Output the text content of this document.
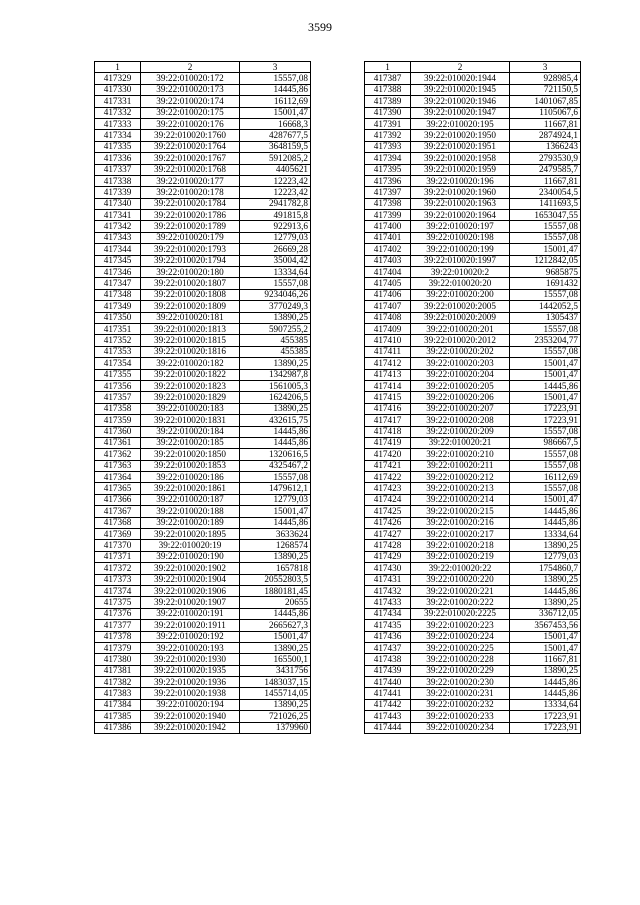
3599
1	2	3
417329	39:22:010020:172	15557,08
417330	39:22:010020:173	14445,86
417331	39:22:010020:174	16112,69
417332	39:22:010020:175	15001,47
417333	39:22:010020:176	16668,3
417334	39:22:010020:1760	4287677,5
417335	39:22:010020:1764	3648159,5
417336	39:22:010020:1767	5912085,2
417337	39:22:010020:1768	4405621
417338	39:22:010020:177	12223,42
417339	39:22:010020:178	12223,42
417340	39:22:010020:1784	2941782,8
417341	39:22:010020:1786	491815,8
417342	39:22:010020:1789	922913,6
417343	39:22:010020:179	12779,03
417344	39:22:010020:1793	26669,28
417345	39:22:010020:1794	35004,42
417346	39:22:010020:180	13334,64
417347	39:22:010020:1807	15557,08
417348	39:22:010020:1808	9234046,26
417349	39:22:010020:1809	3770249,3
417350	39:22:010020:181	13890,25
417351	39:22:010020:1813	5907255,2
417352	39:22:010020:1815	455385
417353	39:22:010020:1816	455385
417354	39:22:010020:182	13890,25
417355	39:22:010020:1822	1342987,8
417356	39:22:010020:1823	1561005,3
417357	39:22:010020:1829	1624206,5
417358	39:22:010020:183	13890,25
417359	39:22:010020:1831	432615,75
417360	39:22:010020:184	14445,86
417361	39:22:010020:185	14445,86
417362	39:22:010020:1850	1320616,5
417363	39:22:010020:1853	4325467,2
417364	39:22:010020:186	15557,08
417365	39:22:010020:1861	1479612,1
417366	39:22:010020:187	12779,03
417367	39:22:010020:188	15001,47
417368	39:22:010020:189	14445,86
417369	39:22:010020:1895	3633624
417370	39:22:010020:19	1268574
417371	39:22:010020:190	13890,25
417372	39:22:010020:1902	1657818
417373	39:22:010020:1904	20552803,5
417374	39:22:010020:1906	1880181,45
417375	39:22:010020:1907	20655
417376	39:22:010020:191	14445,86
417377	39:22:010020:1911	2665627,3
417378	39:22:010020:192	15001,47
417379	39:22:010020:193	13890,25
417380	39:22:010020:1930	165500,1
417381	39:22:010020:1935	3431756
417382	39:22:010020:1936	1483037,15
417383	39:22:010020:1938	1455714,05
417384	39:22:010020:194	13890,25
417385	39:22:010020:1940	721026,25
417386	39:22:010020:1942	1379960
1	2	3
417387	39:22:010020:1944	928985,4
417388	39:22:010020:1945	721150,5
417389	39:22:010020:1946	1401067,85
417390	39:22:010020:1947	1105067,6
417391	39:22:010020:195	11667,81
417392	39:22:010020:1950	2874924,1
417393	39:22:010020:1951	1366243
417394	39:22:010020:1958	2793530,9
417395	39:22:010020:1959	2479585,7
417396	39:22:010020:196	11667,81
417397	39:22:010020:1960	2340054,5
417398	39:22:010020:1963	1411693,5
417399	39:22:010020:1964	1653047,55
417400	39:22:010020:197	15557,08
417401	39:22:010020:198	15557,08
417402	39:22:010020:199	15001,47
417403	39:22:010020:1997	1212842,05
417404	39:22:010020:2	9685875
417405	39:22:010020:20	1691432
417406	39:22:010020:200	15557,08
417407	39:22:010020:2005	1442052,5
417408	39:22:010020:2009	1305437
417409	39:22:010020:201	15557,08
417410	39:22:010020:2012	2353204,77
417411	39:22:010020:202	15557,08
417412	39:22:010020:203	15001,47
417413	39:22:010020:204	15001,47
417414	39:22:010020:205	14445,86
417415	39:22:010020:206	15001,47
417416	39:22:010020:207	17223,91
417417	39:22:010020:208	17223,91
417418	39:22:010020:209	15557,08
417419	39:22:010020:21	986667,5
417420	39:22:010020:210	15557,08
417421	39:22:010020:211	15557,08
417422	39:22:010020:212	16112,69
417423	39:22:010020:213	15557,08
417424	39:22:010020:214	15001,47
417425	39:22:010020:215	14445,86
417426	39:22:010020:216	14445,86
417427	39:22:010020:217	13334,64
417428	39:22:010020:218	13890,25
417429	39:22:010020:219	12779,03
417430	39:22:010020:22	1754860,7
417431	39:22:010020:220	13890,25
417432	39:22:010020:221	14445,86
417433	39:22:010020:222	13890,25
417434	39:22:010020:2225	336712,05
417435	39:22:010020:223	3567453,56
417436	39:22:010020:224	15001,47
417437	39:22:010020:225	15001,47
417438	39:22:010020:228	11667,81
417439	39:22:010020:229	13890,25
417440	39:22:010020:230	14445,86
417441	39:22:010020:231	14445,86
417442	39:22:010020:232	13334,64
417443	39:22:010020:233	17223,91
417444	39:22:010020:234	17223,91
